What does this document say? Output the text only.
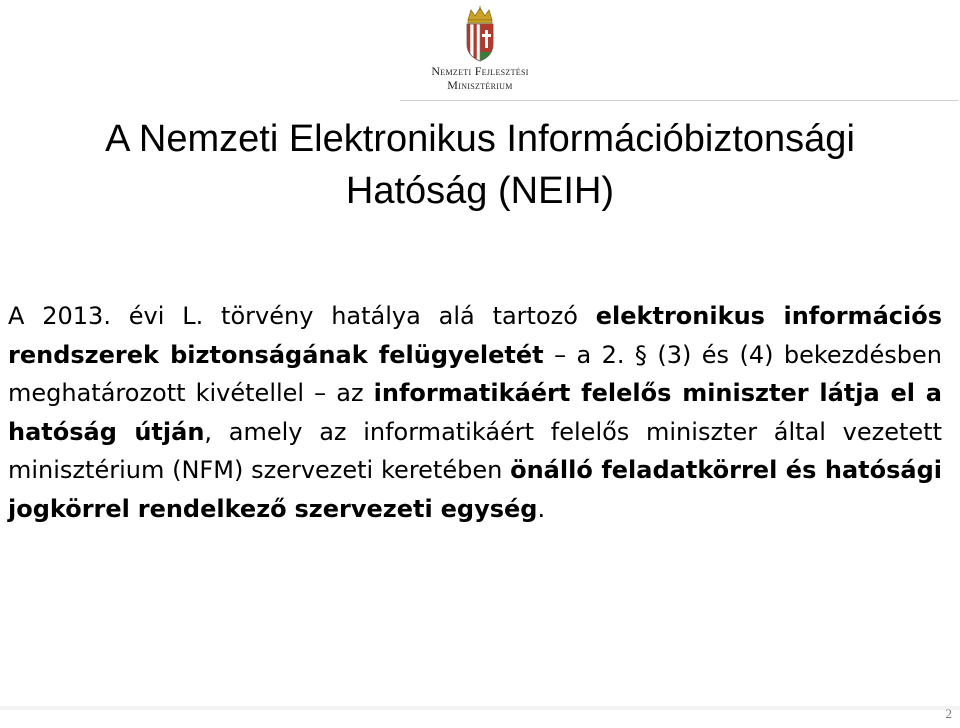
Nemzeti Fejlesztési
Minisztérium
A Nemzeti Elektronikus Információbiztonsági
Hatóság (NEIH)

A 2013. évi L. törvény hatálya alá tartozó elektronikus információs rendszerek biztonságának felügyeletét – a 2. § (3) és (4) bekezdésben meghatározott kivétellel – az informatikáért felelős miniszter látja el a hatóság útján, amely az informatikáért felelős miniszter által vezetett minisztérium (NFM) szervezeti keretében önálló feladatkörrel és hatósági jogkörrel rendelkező szervezeti egység.

2
